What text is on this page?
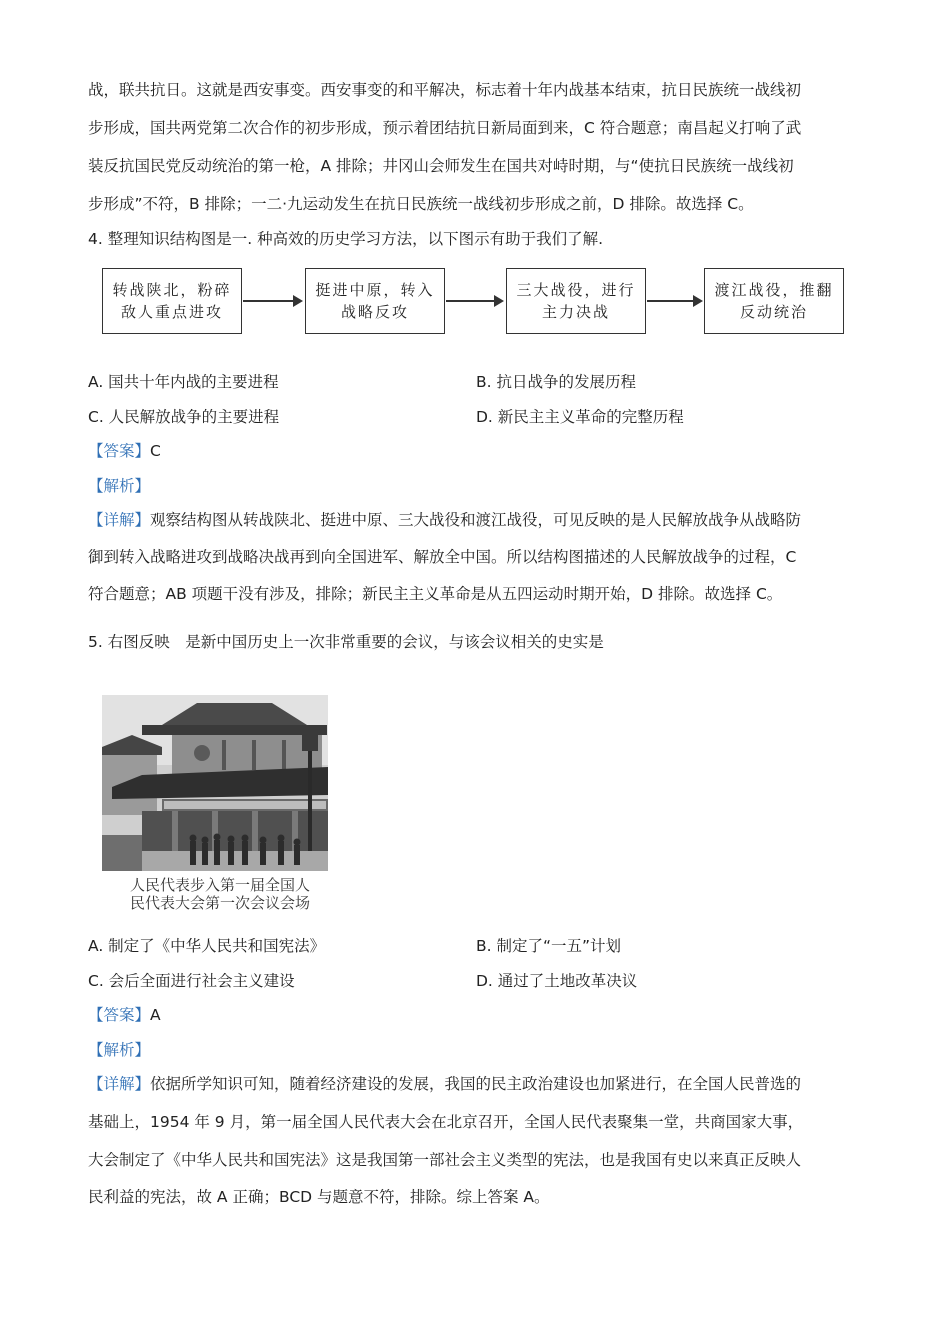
战，联共抗日。这就是西安事变。西安事变的和平解决，标志着十年内战基本结束，抗日民族统一战线初
步形成，国共两党第二次合作的初步形成，预示着团结抗日新局面到来，C 符合题意；南昌起义打响了武
装反抗国民党反动统治的第一枪，A 排除；井冈山会师发生在国共对峙时期，与“使抗日民族统一战线初
步形成”不符，B 排除；一二·九运动发生在抗日民族统一战线初步形成之前，D 排除。故选择 C。
4. 整理知识结构图是一. 种高效的历史学习方法，以下图示有助于我们了解.
转战陕北，粉碎敌人重点进攻
挺进中原，转入战略反攻
三大战役，进行主力决战
渡江战役，推翻反动统治
A. 国共十年内战的主要进程	B. 抗日战争的发展历程
C. 人民解放战争的主要进程	D. 新民主主义革命的完整历程
【答案】C
【解析】
【详解】观察结构图从转战陕北、挺进中原、三大战役和渡江战役，可见反映的是人民解放战争从战略防
御到转入战略进攻到战略决战再到向全国进军、解放全中国。所以结构图描述的人民解放战争的过程，C
符合题意；AB 项题干没有涉及，排除；新民主主义革命是从五四运动时期开始，D 排除。故选择 C。
5. 右图反映　是新中国历史上一次非常重要的会议，与该会议相关的史实是
人民代表步入第一届全国人
民代表大会第一次会议会场
A. 制定了《中华人民共和国宪法》	B. 制定了“一五”计划
C. 会后全面进行社会主义建设	D. 通过了土地改革决议
【答案】A
【解析】
【详解】依据所学知识可知，随着经济建设的发展，我国的民主政治建设也加紧进行，在全国人民普选的
基础上，1954 年 9 月，第一届全国人民代表大会在北京召开，全国人民代表聚集一堂，共商国家大事，
大会制定了《中华人民共和国宪法》这是我国第一部社会主义类型的宪法，也是我国有史以来真正反映人
民利益的宪法，故 A 正确；BCD 与题意不符，排除。综上答案 A。
